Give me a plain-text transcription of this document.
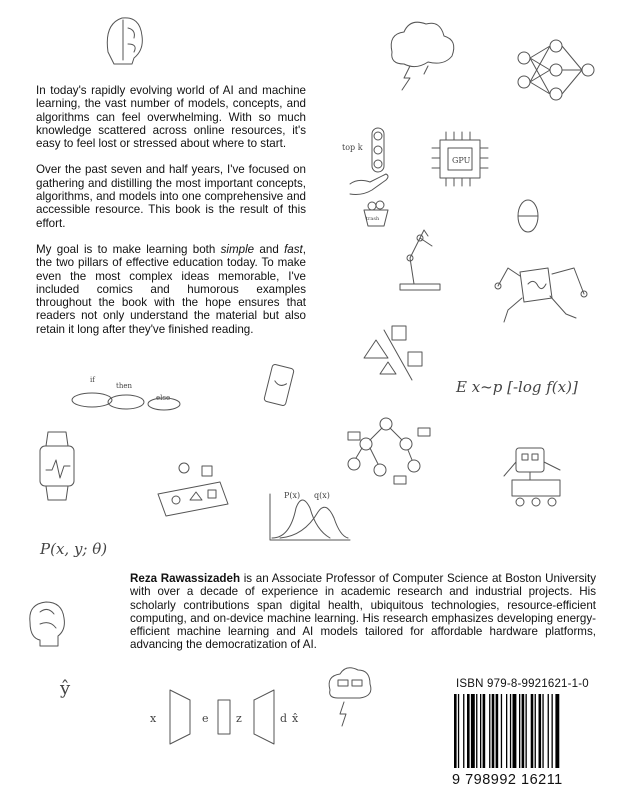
top k
GPU
trash
if
then
else
E x~p [-log f(x)]
P(x) q(x)
P(x, y; θ)
ŷ
x	e z	d x̂

In today's rapidly evolving world of AI and machine learning, the vast number of models, concepts, and algorithms can feel overwhelming. With so much knowledge scattered across online resources, it's easy to feel lost or stressed about where to start.

Over the past seven and half years, I've focused on gathering and distilling the most important concepts, algorithms, and models into one comprehensive and accessible resource. This book is the result of this effort.

My goal is to make learning both simple and fast, the two pillars of effective education today. To make even the most complex ideas memorable, I've included comics and humorous examples throughout the book with the hope ensures that readers not only understand the material but also retain it long after they've finished reading.

Reza Rawassizadeh is an Associate Professor of Computer Science at Boston University with over a decade of experience in academic research and industrial projects. His scholarly contributions span digital health, ubiquitous technologies, resource-efficient computing, and on-device machine learning. His research emphasizes developing energy-efficient machine learning and AI models tailored for affordable hardware platforms, advancing the democratization of AI.
ISBN 979-8-9921621-1-0
9 798992 16211
